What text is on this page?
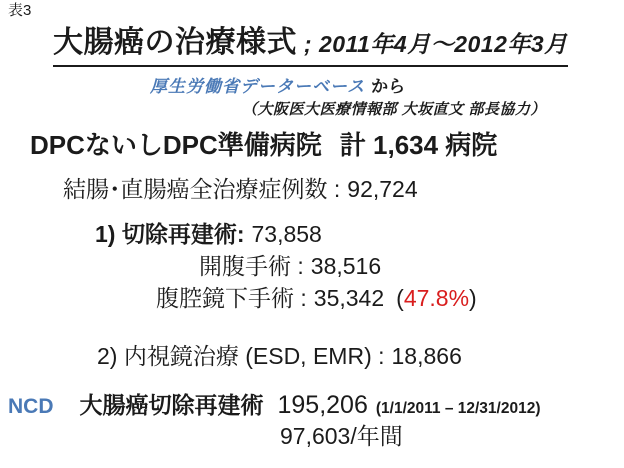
表3
大腸癌の治療様式 ; 2011年4月～2012年3月
厚生労働省データーベース から
（大阪医大医療情報部 大坂直文 部長協力）
DPCないしDPC準備病院 計 1,634 病院
結腸･直腸癌全治療症例数 : 92,724
1) 切除再建術: 73,858
開腹手術 : 38,516
腹腔鏡下手術 : 35,342 (47.8%)
2) 内視鏡治療 (ESD, EMR) : 18,866
NCD 大腸癌切除再建術 195,206 (1/1/2011 – 12/31/2012)
97,603/年間
